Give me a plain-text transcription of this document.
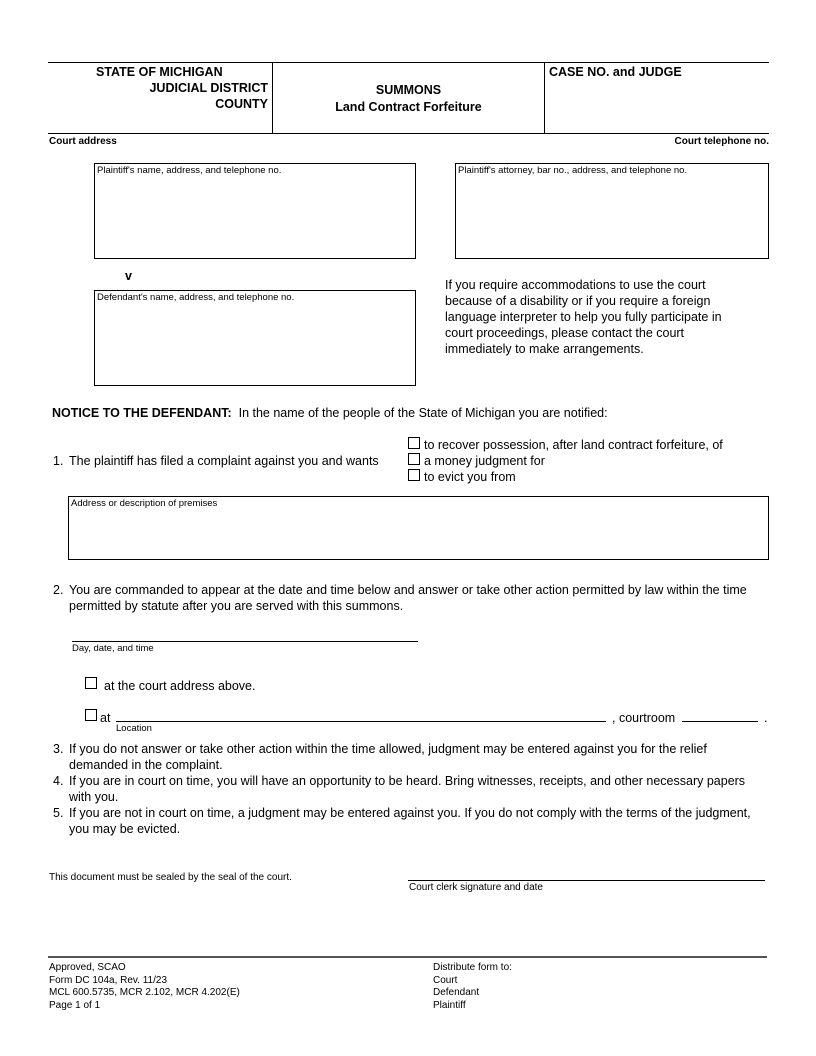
STATE OF MICHIGAN
JUDICIAL DISTRICT
COUNTY
SUMMONS
Land Contract Forfeiture
CASE NO. and JUDGE
Court address	Court telephone no.
Plaintiff's name, address, and telephone no.	Plaintiff's attorney, bar no., address, and telephone no.
v
Defendant's name, address, and telephone no.
If you require accommodations to use the court because of a disability or if you require a foreign language interpreter to help you fully participate in court proceedings, please contact the court immediately to make arrangements.
NOTICE TO THE DEFENDANT: In the name of the people of the State of Michigan you are notified:
1. The plaintiff has filed a complaint against you and wants
to recover possession, after land contract forfeiture, of
a money judgment for
to evict you from
Address or description of premises
2. You are commanded to appear at the date and time below and answer or take other action permitted by law within the time permitted by statute after you are served with this summons.
Day, date, and time
at the court address above.
at
Location
, courtroom	.
3. If you do not answer or take other action within the time allowed, judgment may be entered against you for the relief demanded in the complaint.
4. If you are in court on time, you will have an opportunity to be heard. Bring witnesses, receipts, and other necessary papers with you.
5. If you are not in court on time, a judgment may be entered against you. If you do not comply with the terms of the judgment, you may be evicted.
This document must be sealed by the seal of the court.
Court clerk signature and date
Approved, SCAO
Form DC 104a, Rev. 11/23
MCL 600.5735, MCR 2.102, MCR 4.202(E)
Page 1 of 1
Distribute form to:
Court
Defendant
Plaintiff
